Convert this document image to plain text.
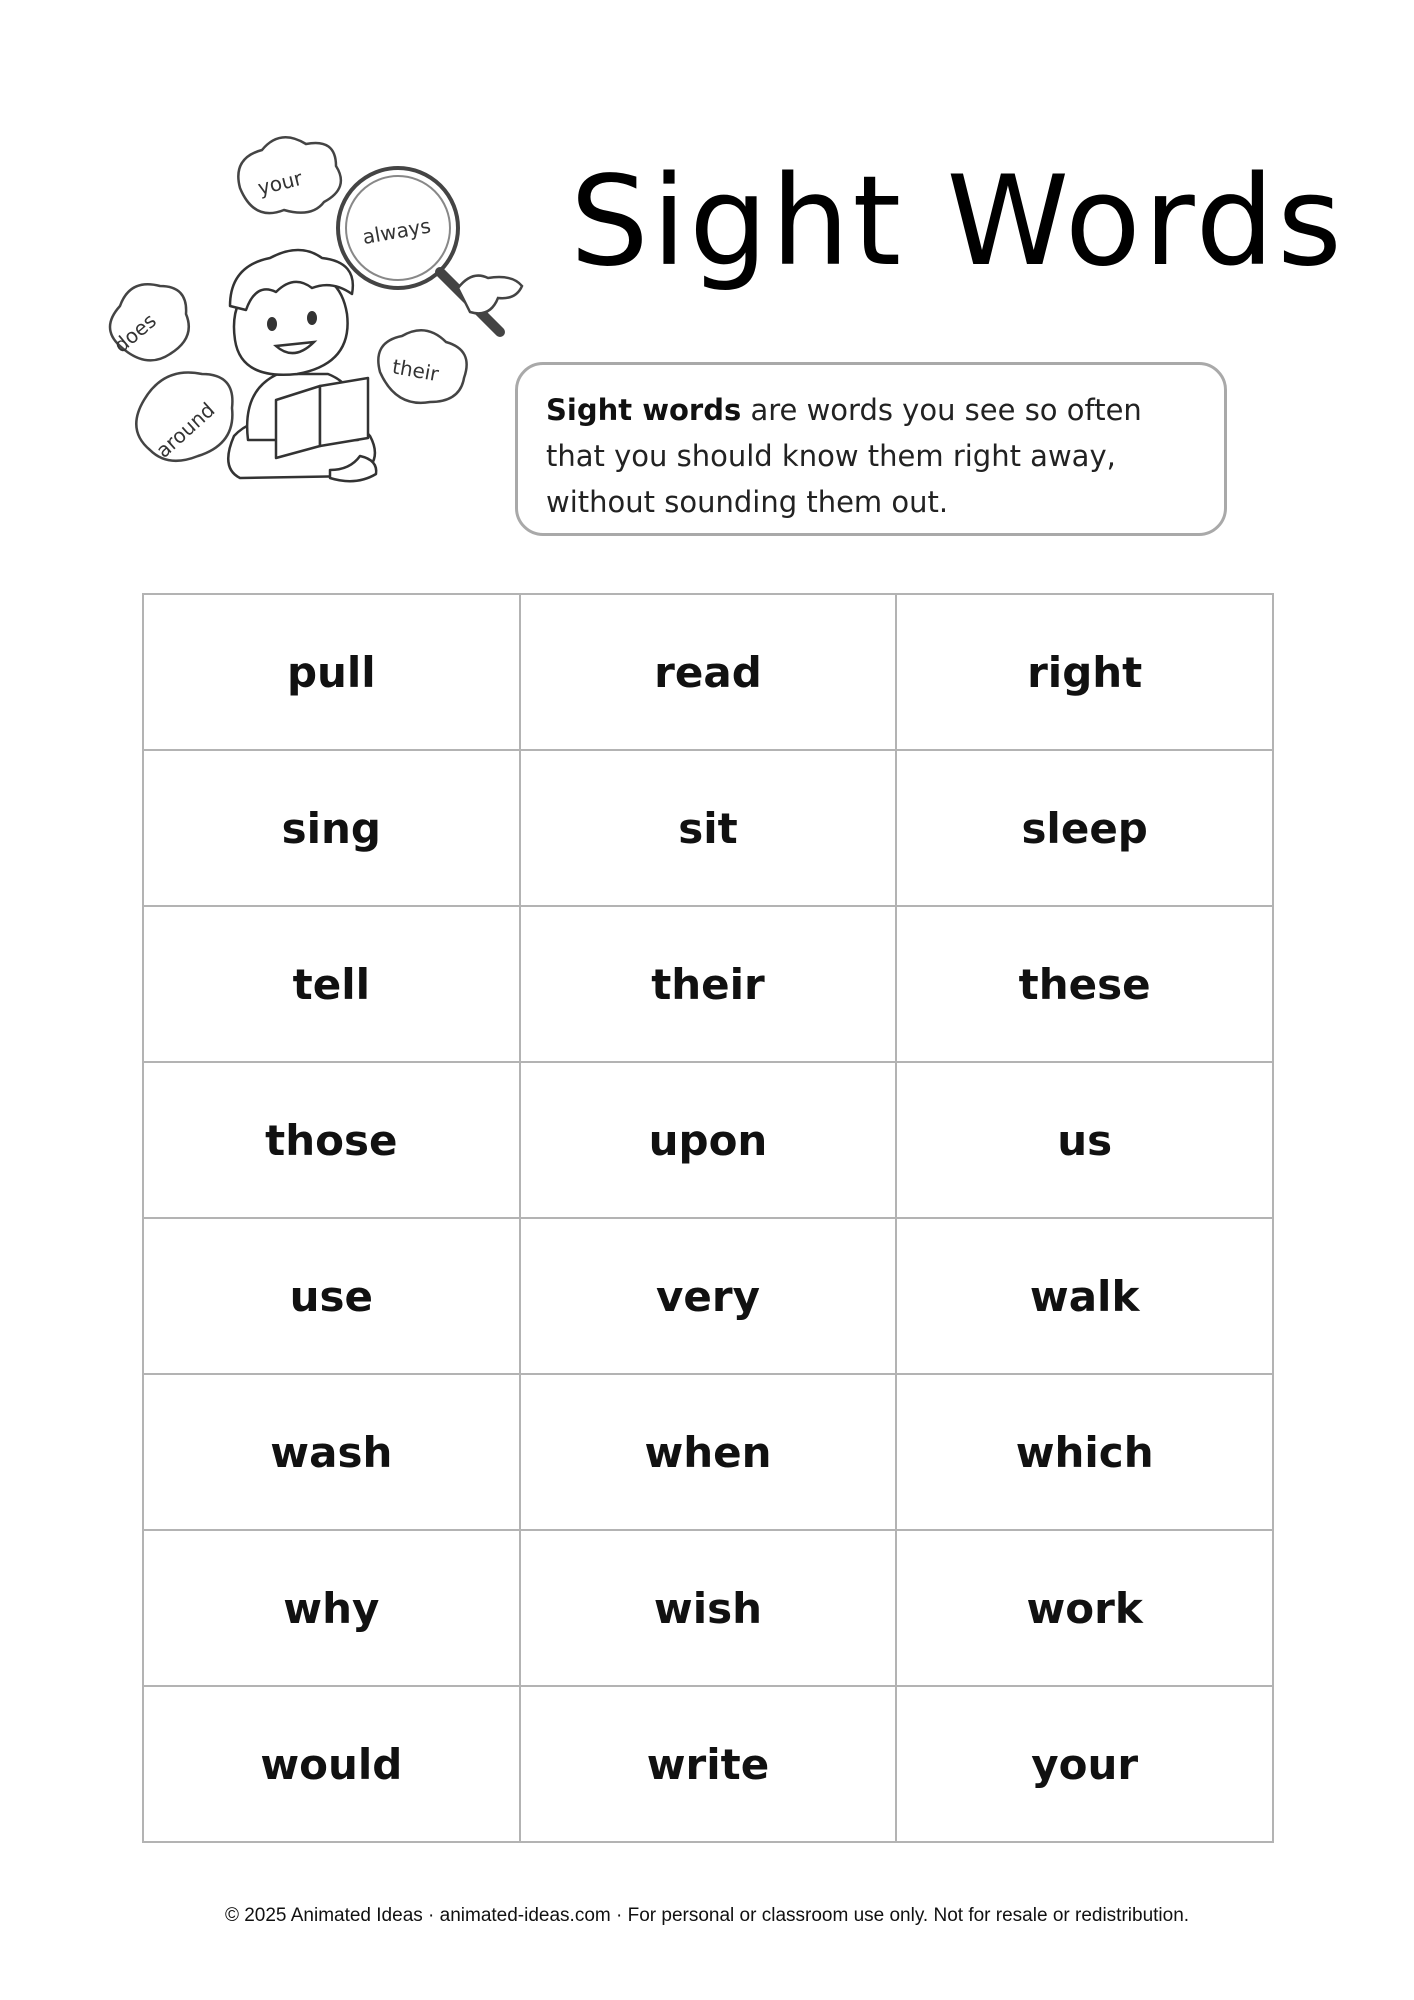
your
always
does
their
around
Sight Words
Sight words are words you see so often that you should know them right away, without sounding them out.
pull	read	right
sing	sit	sleep
tell	their	these
those	upon	us
use	very	walk
wash	when	which
why	wish	work
would	write	your
© 2025 Animated Ideas · animated-ideas.com · For personal or classroom use only. Not for resale or redistribution.
